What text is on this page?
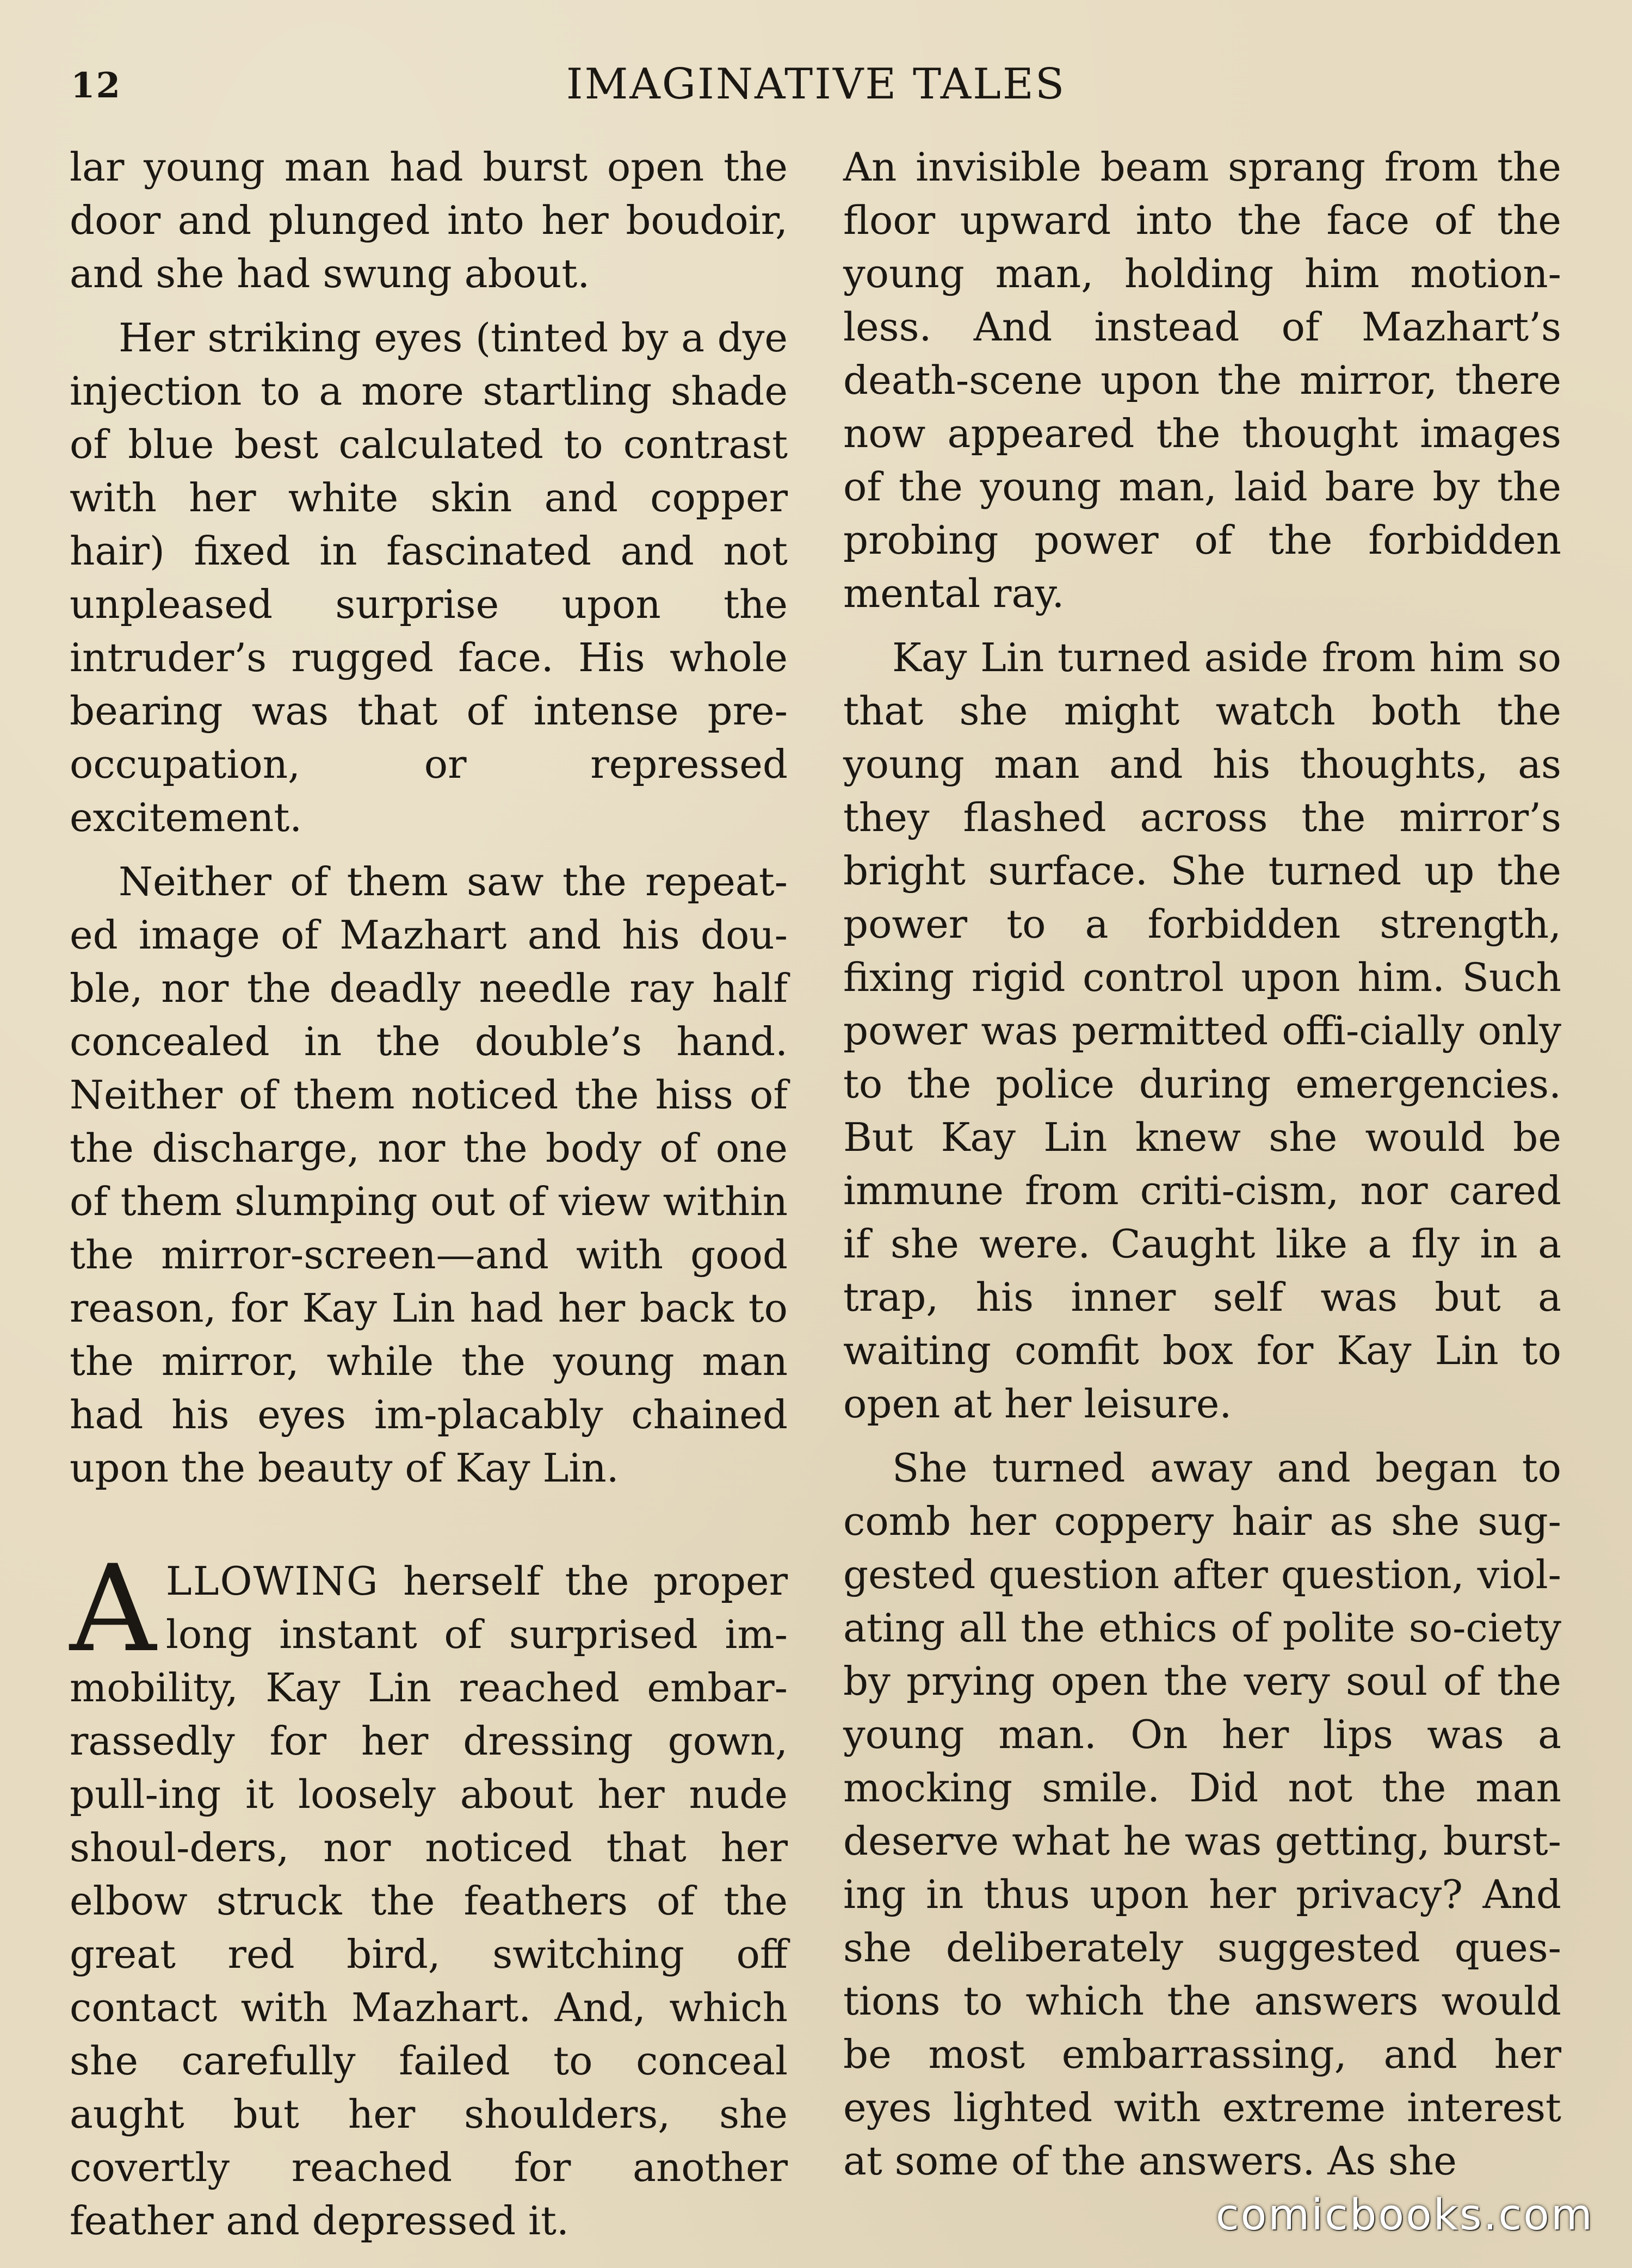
12	IMAGINATIVE TALES

lar young man had burst open the door and plunged into her boudoir, and she had swung about.

Her striking eyes (tinted by a dye injection to a more startling shade of blue best calculated to contrast with her white skin and copper hair) fixed in fascinated and not unpleased surprise upon the intruder’s rugged face. His whole bearing was that of intense pre-occupation, or repressed excitement.

Neither of them saw the repeat-ed image of Mazhart and his dou-ble, nor the deadly needle ray half concealed in the double’s hand. Neither of them noticed the hiss of the discharge, nor the body of one of them slumping out of view within the mirror-screen—and with good reason, for Kay Lin had her back to the mirror, while the young man had his eyes im-placably chained upon the beauty of Kay Lin.

ALLOWING herself the proper long instant of surprised im-mobility, Kay Lin reached embar-rassedly for her dressing gown, pull-ing it loosely about her nude shoul-ders, nor noticed that her elbow struck the feathers of the great red bird, switching off contact with Mazhart. And, which she carefully failed to conceal aught but her shoulders, she covertly reached for another feather and depressed it.

An invisible beam sprang from the floor upward into the face of the young man, holding him motion-less. And instead of Mazhart’s death-scene upon the mirror, there now appeared the thought images of the young man, laid bare by the probing power of the forbidden mental ray.

Kay Lin turned aside from him so that she might watch both the young man and his thoughts, as they flashed across the mirror’s bright surface. She turned up the power to a forbidden strength, fixing rigid control upon him. Such power was permitted offi-cially only to the police during emergencies. But Kay Lin knew she would be immune from criti-cism, nor cared if she were. Caught like a fly in a trap, his inner self was but a waiting comfit box for Kay Lin to open at her leisure.

She turned away and began to comb her coppery hair as she sug-gested question after question, viol-ating all the ethics of polite so-ciety by prying open the very soul of the young man. On her lips was a mocking smile. Did not the man deserve what he was getting, burst-ing in thus upon her privacy? And she deliberately suggested ques-tions to which the answers would be most embarrassing, and her eyes lighted with extreme interest at some of the answers. As she

comicbooks.com
